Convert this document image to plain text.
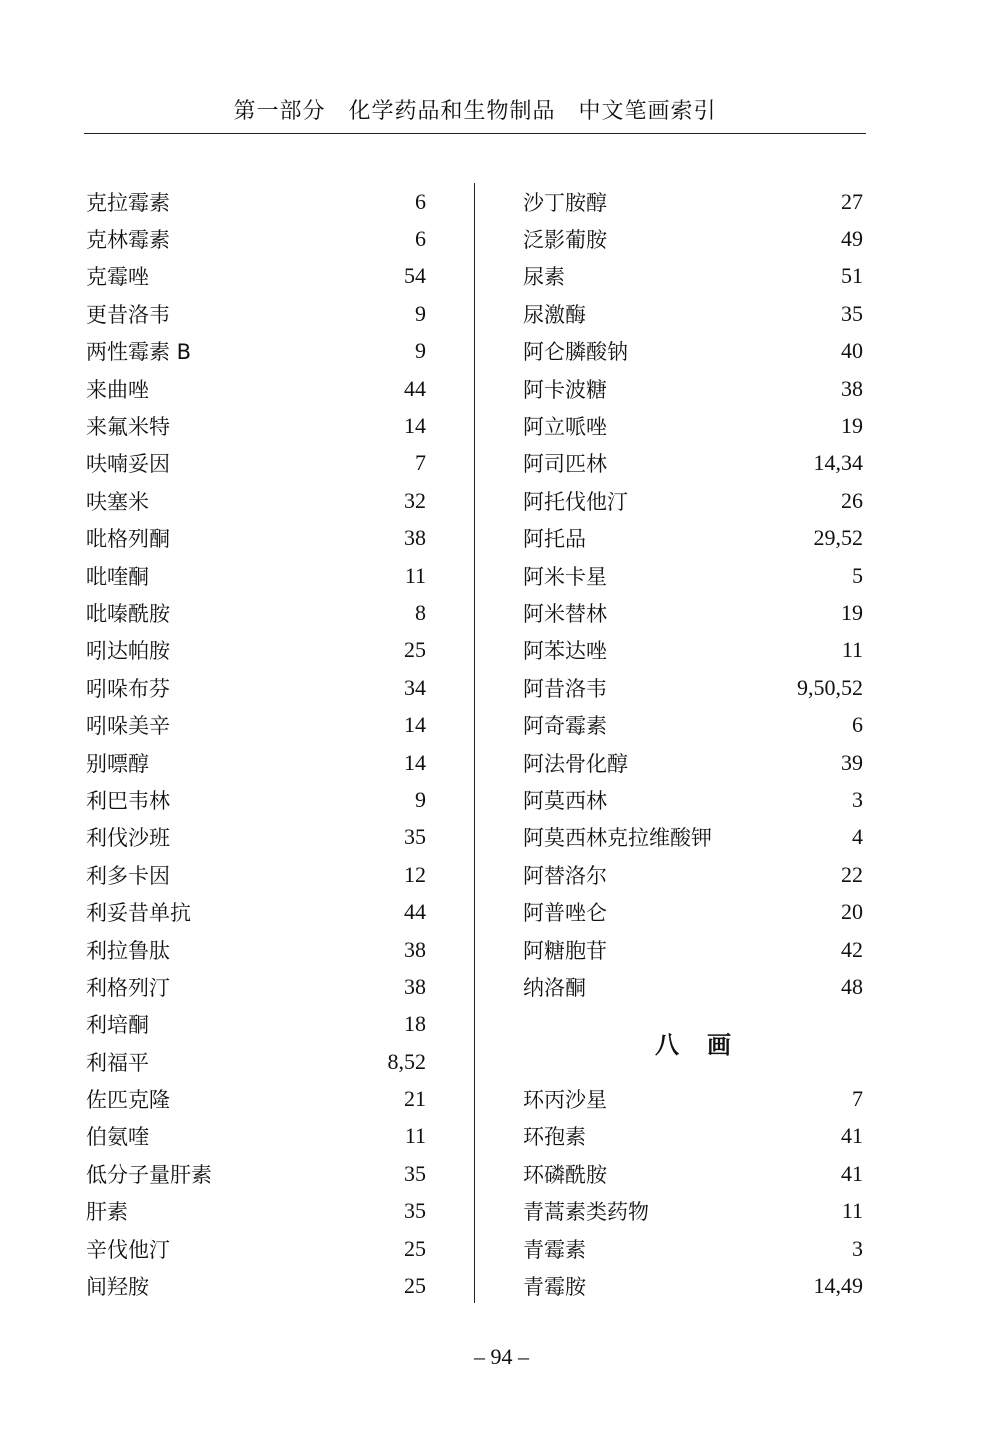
第一部分　化学药品和生物制品　中文笔画索引
克拉霉素	6
克林霉素	6
克霉唑	54
更昔洛韦	9
两性霉素 B	9
来曲唑	44
来氟米特	14
呋喃妥因	7
呋塞米	32
吡格列酮	38
吡喹酮	11
吡嗪酰胺	8
吲达帕胺	25
吲哚布芬	34
吲哚美辛	14
别嘌醇	14
利巴韦林	9
利伐沙班	35
利多卡因	12
利妥昔单抗	44
利拉鲁肽	38
利格列汀	38
利培酮	18
利福平	8,52
佐匹克隆	21
伯氨喹	11
低分子量肝素	35
肝素	35
辛伐他汀	25
间羟胺	25
沙丁胺醇	27
泛影葡胺	49
尿素	51
尿激酶	35
阿仑膦酸钠	40
阿卡波糖	38
阿立哌唑	19
阿司匹林	14,34
阿托伐他汀	26
阿托品	29,52
阿米卡星	5
阿米替林	19
阿苯达唑	11
阿昔洛韦	9,50,52
阿奇霉素	6
阿法骨化醇	39
阿莫西林	3
阿莫西林克拉维酸钾	4
阿替洛尔	22
阿普唑仑	20
阿糖胞苷	42
纳洛酮	48
八画
环丙沙星	7
环孢素	41
环磷酰胺	41
青蒿素类药物	11
青霉素	3
青霉胺	14,49
– 94 –
